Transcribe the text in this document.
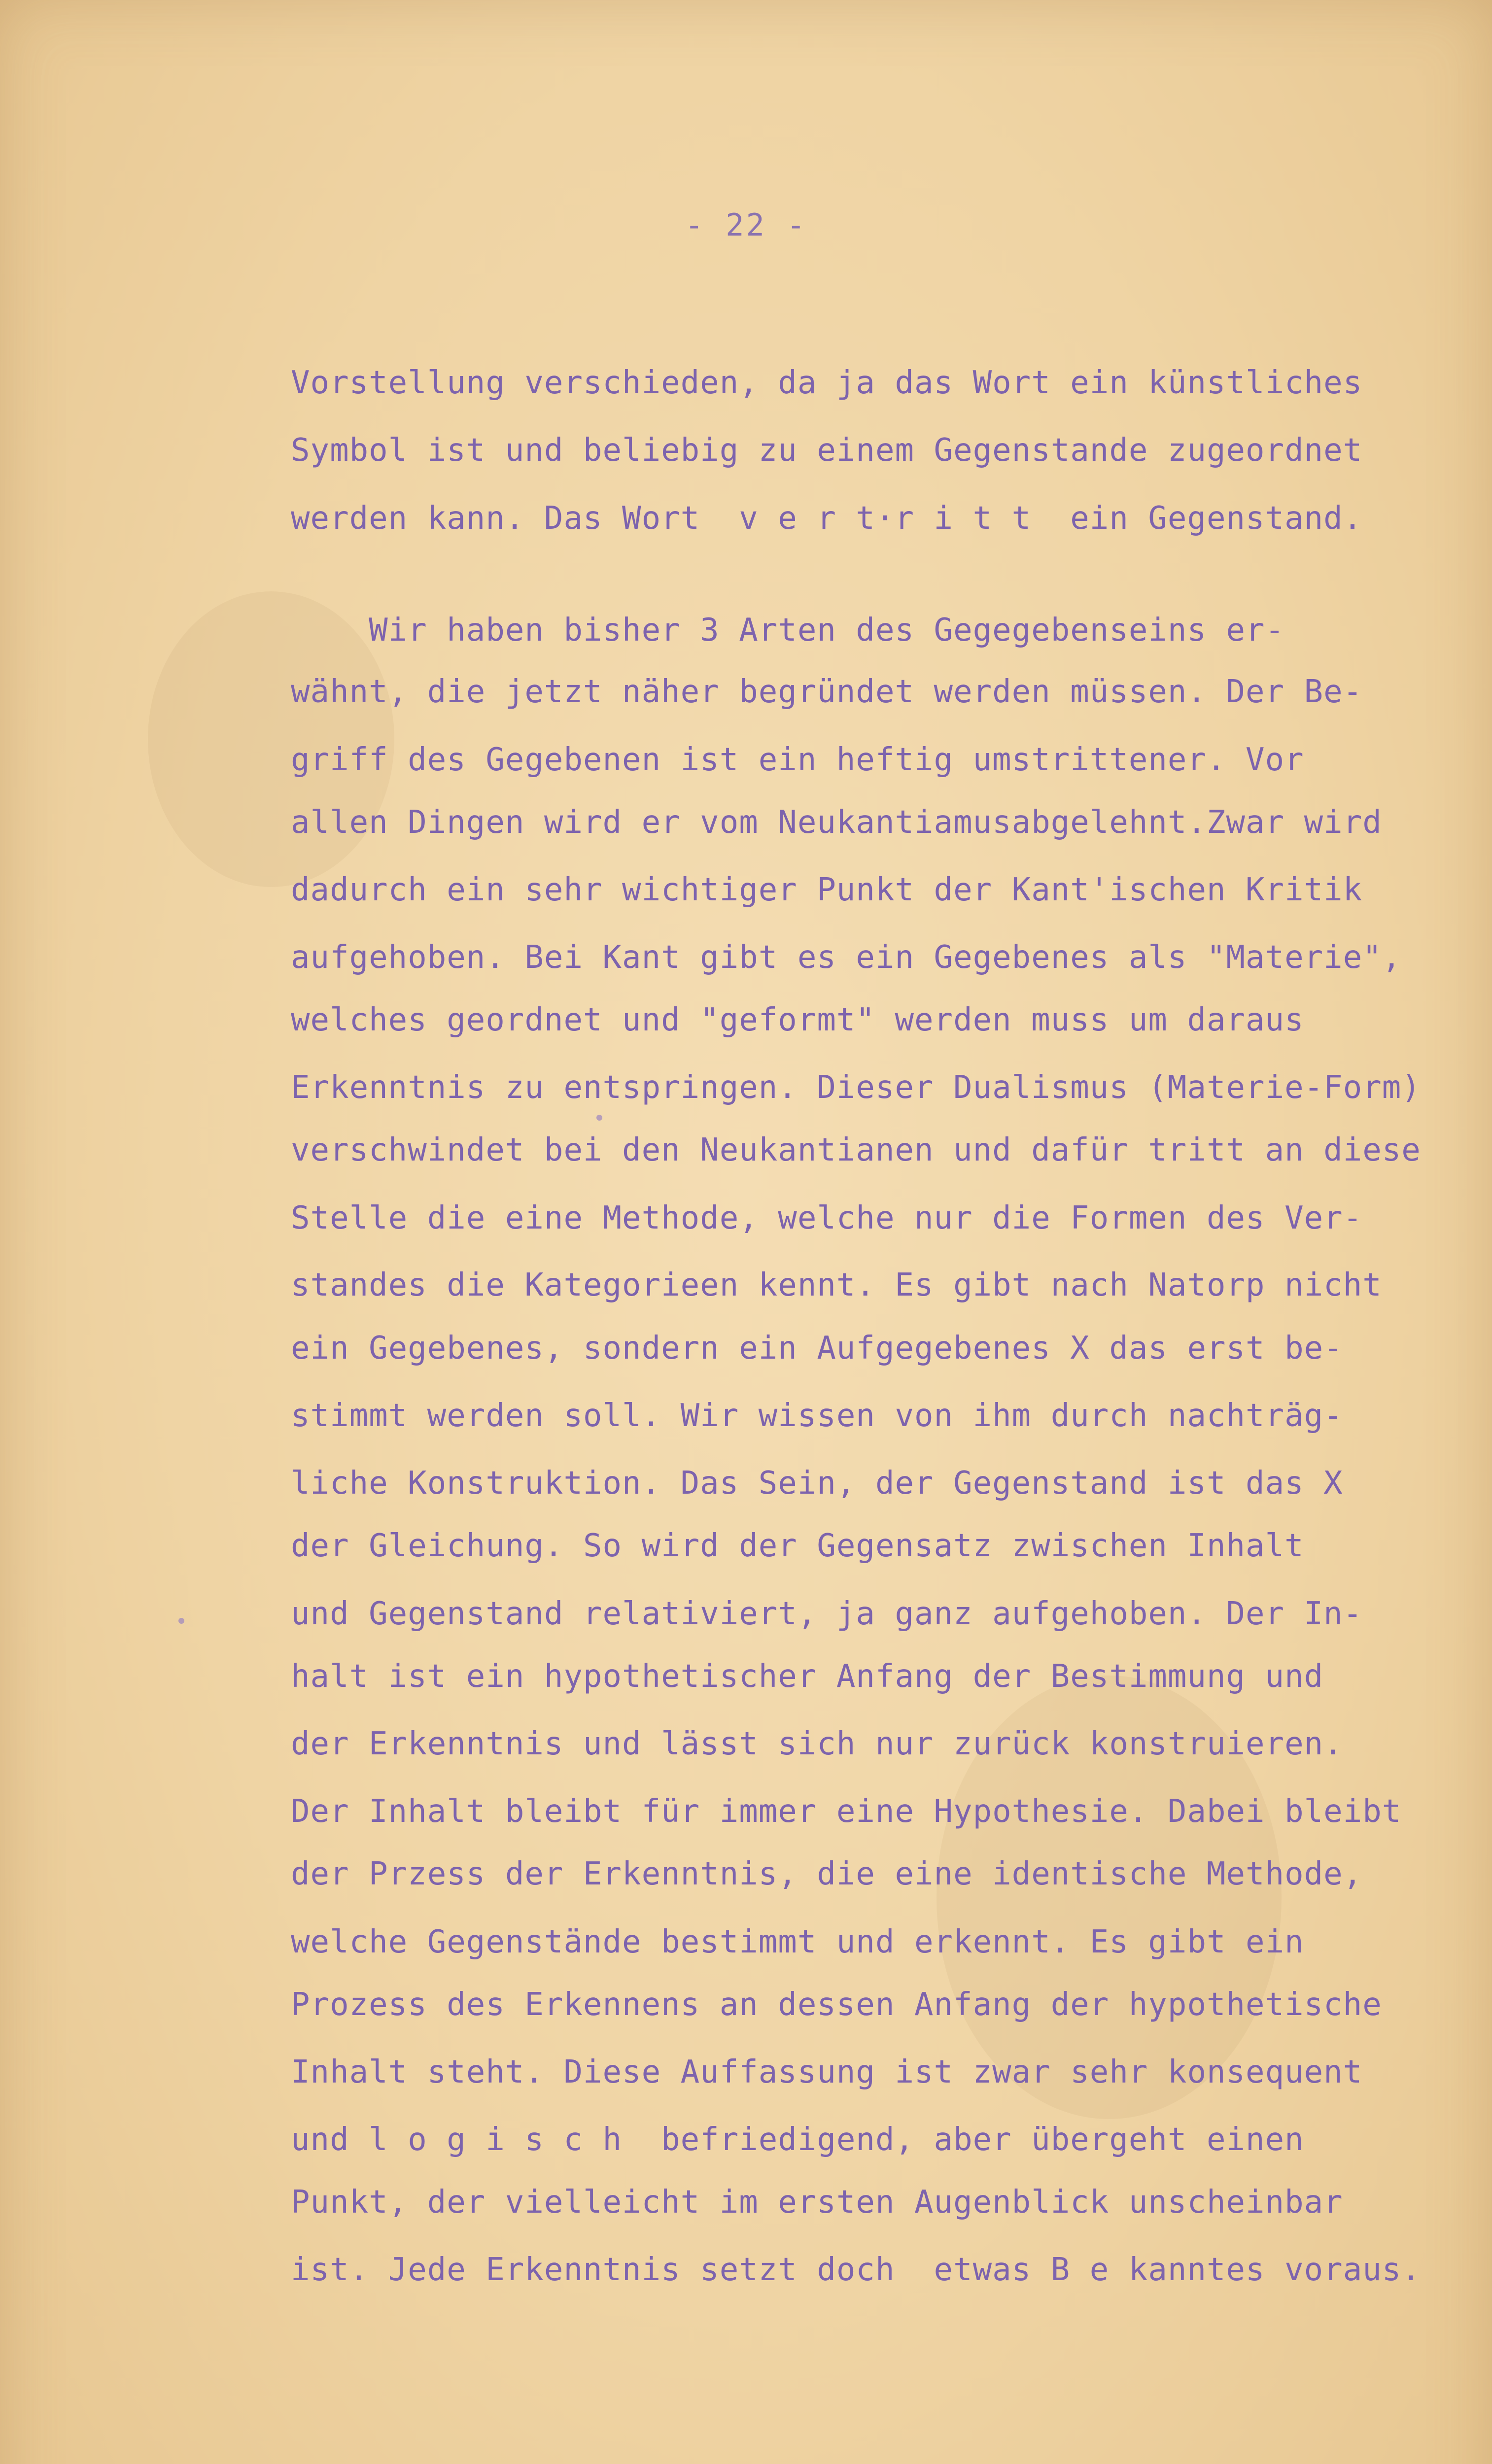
- 22 -
Vorstellung verschieden, da ja das Wort ein künstliches
Symbol ist und beliebig zu einem Gegenstande zugeordnet
werden kann. Das Wort  v e r t·r i t t  ein Gegenstand.
Wir haben bisher 3 Arten des Gegegebenseins er-
wähnt, die jetzt näher begründet werden müssen. Der Be-
griff des Gegebenen ist ein heftig umstrittener. Vor
allen Dingen wird er vom Neukantiamusabgelehnt.Zwar wird
dadurch ein sehr wichtiger Punkt der Kant'ischen Kritik
aufgehoben. Bei Kant gibt es ein Gegebenes als "Materie",
welches geordnet und "geformt" werden muss um daraus
Erkenntnis zu entspringen. Dieser Dualismus (Materie-Form)
verschwindet bei den Neukantianen und dafür tritt an diese
Stelle die eine Methode, welche nur die Formen des Ver-
standes die Kategorieen kennt. Es gibt nach Natorp nicht
ein Gegebenes, sondern ein Aufgegebenes X das erst be-
stimmt werden soll. Wir wissen von ihm durch nachträg-
liche Konstruktion. Das Sein, der Gegenstand ist das X
der Gleichung. So wird der Gegensatz zwischen Inhalt
und Gegenstand relativiert, ja ganz aufgehoben. Der In-
halt ist ein hypothetischer Anfang der Bestimmung und
der Erkenntnis und lässt sich nur zurück konstruieren.
Der Inhalt bleibt für immer eine Hypothesie. Dabei bleibt
der Przess der Erkenntnis, die eine identische Methode,
welche Gegenstände bestimmt und erkennt. Es gibt ein
Prozess des Erkennens an dessen Anfang der hypothetische
Inhalt steht. Diese Auffassung ist zwar sehr konsequent
und l o g i s c h  befriedigend, aber übergeht einen
Punkt, der vielleicht im ersten Augenblick unscheinbar
ist. Jede Erkenntnis setzt doch  etwas B e kanntes voraus.
